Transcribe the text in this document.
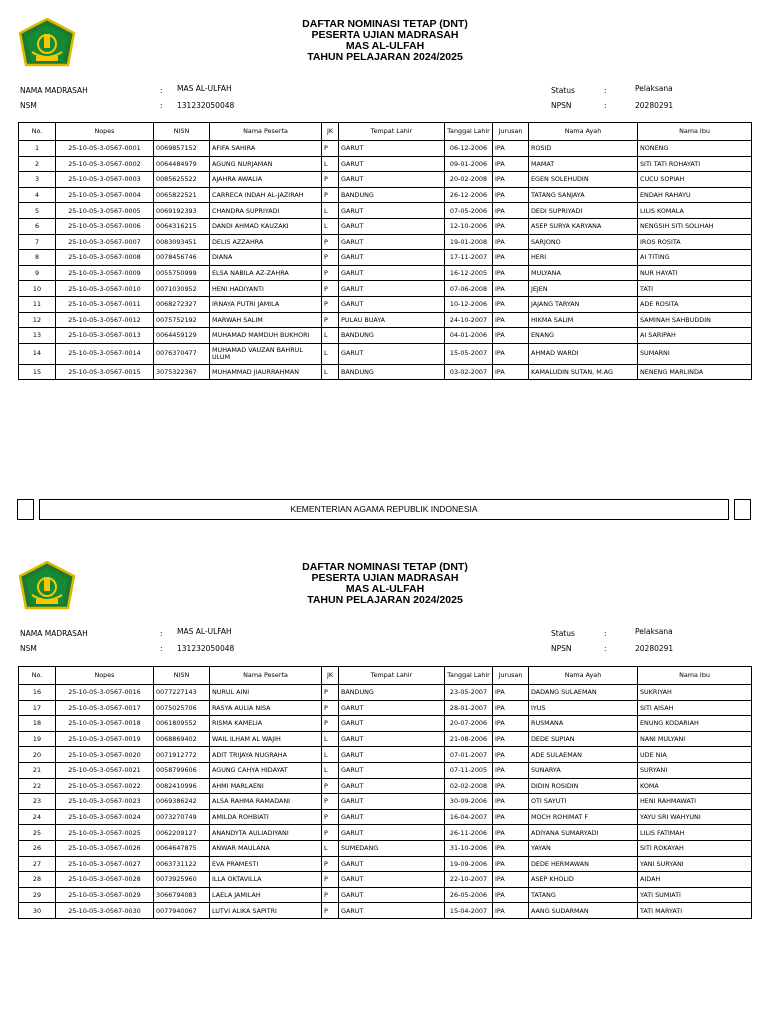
DAFTAR NOMINASI TETAP (DNT)
PESERTA UJIAN MADRASAH
MAS AL-ULFAH
TAHUN PELAJARAN 2024/2025
NAMA MADRASAH	: MAS AL-ULFAH
NSM	: 131232050048
Status	:	Pelaksana
NPSN	:	20280291
No.	Nopes	NISN	Nama Peserta	JK	Tempat Lahir	Tanggal Lahir	Jurusan	Nama Ayah	Nama Ibu
1	25-10-05-3-0567-0001	0069857152	AFIFA SAHIRA	P	GARUT	06-12-2006	IPA	ROSID	NONENG
2	25-10-05-3-0567-0002	0064484979	AGUNG NURJAMAN	L	GARUT	09-01-2006	IPA	MAMAT	SITI TATI ROHAYATI
3	25-10-05-3-0567-0003	0085625522	AJAHRA AWALIA	P	GARUT	20-02-2008	IPA	EGEN SOLEHUDIN	CUCU SOPIAH
4	25-10-05-3-0567-0004	0065822521	CARRECA INDAH AL-JAZIRAH	P	BANDUNG	26-12-2006	IPA	TATANG SANJAYA	ENDAH RAHAYU
5	25-10-05-3-0567-0005	0069192393	CHANDRA SUPRIYADI	L	GARUT	07-05-2006	IPA	DEDI SUPRIYADI	LILIS KOMALA
6	25-10-05-3-0567-0006	0064316215	DANDI AHMAD KAUZAKI	L	GARUT	12-10-2006	IPA	ASEP SURYA KARYANA	NENGSIH SITI SOLIHAH
7	25-10-05-3-0567-0007	0083093451	DELIS AZZAHRA	P	GARUT	19-01-2008	IPA	SARJONO	IROS ROSITA
8	25-10-05-3-0567-0008	0078456746	DIANA	P	GARUT	17-11-2007	IPA	HERI	AI TITING
9	25-10-05-3-0567-0009	0055750999	ELSA NABILA AZ-ZAHRA	P	GARUT	16-12-2005	IPA	MULYANA	NUR HAYATI
10	25-10-05-3-0567-0010	0071030952	HENI HADIYANTI	P	GARUT	07-06-2008	IPA	JEJEN	TATI
11	25-10-05-3-0567-0011	0068272327	IRNAYA PUTRI JAMILA	P	GARUT	10-12-2006	IPA	JAJANG TARYAN	ADE ROSITA
12	25-10-05-3-0567-0012	0075752192	MARWAH SALIM	P	PULAU BUAYA	24-10-2007	IPA	HIKMA SALIM	SAMINAH SAHBUDDIN
13	25-10-05-3-0567-0013	0064459129	MUHAMAD MAMDUH BUKHORI	L	BANDUNG	04-01-2006	IPA	ENANG	AI SARIPAH
14	25-10-05-3-0567-0014	0076370477	MUHAMAD VAUZAN BAHRUL ULUM	L	GARUT	15-05-2007	IPA	AHMAD WARDI	SUMARNI
15	25-10-05-3-0567-0015	3075322367	MUHAMMAD JIAURRAHMAN	L	BANDUNG	03-02-2007	IPA	KAMALUDIN SUTAN, M.AG	NENENG MARLINDA
KEMENTERIAN AGAMA REPUBLIK INDONESIA
DAFTAR NOMINASI TETAP (DNT)
PESERTA UJIAN MADRASAH
MAS AL-ULFAH
TAHUN PELAJARAN 2024/2025
NAMA MADRASAH	: MAS AL-ULFAH
NSM	: 131232050048
Status	:	Pelaksana
NPSN	:	20280291
No.	Nopes	NISN	Nama Peserta	JK	Tempat Lahir	Tanggal Lahir	Jurusan	Nama Ayah	Nama Ibu
16	25-10-05-3-0567-0016	0077227143	NURUL AINI	P	BANDUNG	23-05-2007	IPA	DADANG SULAEMAN	SUKRIYAH
17	25-10-05-3-0567-0017	0075025706	RASYA AULIA NISA	P	GARUT	28-01-2007	IPA	IYUS	SITI AISAH
18	25-10-05-3-0567-0018	0061809552	RISMA KAMELIA	P	GARUT	20-07-2006	IPA	RUSMANA	ENUNG KODARIAH
19	25-10-05-3-0567-0019	0068869402	WAIL ILHAM AL WAJIH	L	GARUT	21-08-2006	IPA	DEDE SUPIAN	NANI MULYANI
20	25-10-05-3-0567-0020	0071912772	ADIT TRIJAYA NUGRAHA	L	GARUT	07-01-2007	IPA	ADE SULAEMAN	UDE NIA
21	25-10-05-3-0567-0021	0058799606	AGUNG CAHYA HIDAYAT	L	GARUT	07-11-2005	IPA	SUNARYA	SURYANI
22	25-10-05-3-0567-0022	0082410996	AHMI MARLAENI	P	GARUT	02-02-2008	IPA	DIDIN ROSIDIN	KOMA
23	25-10-05-3-0567-0023	0069386242	ALSA RAHMA RAMADANI	P	GARUT	30-09-2006	IPA	OTI SAYUTI	HENI RAHMAWATI
24	25-10-05-3-0567-0024	0073270749	AMILDA ROHBIATI	P	GARUT	16-04-2007	IPA	MOCH ROHIMAT F	YAYU SRI WAHYUNI
25	25-10-05-3-0567-0025	0062209127	ANANDYTA AULIADIYANI	P	GARUT	26-11-2006	IPA	ADIYANA SUMARYADI	LILIS FATIMAH
26	25-10-05-3-0567-0026	0064647875	ANWAR MAULANA	L	SUMEDANG	31-10-2006	IPA	YAYAN	SITI ROKAYAH
27	25-10-05-3-0567-0027	0063731122	EVA PRAMESTI	P	GARUT	19-09-2006	IPA	DEDE HERMAWAN	YANI SURYANI
28	25-10-05-3-0567-0028	0073925960	ILLA OKTAVILLA	P	GARUT	22-10-2007	IPA	ASEP KHOLID	AIDAH
29	25-10-05-3-0567-0029	3066794083	LAELA JAMILAH	P	GARUT	26-05-2006	IPA	TATANG	YATI SUMIATI
30	25-10-05-3-0567-0030	0077940067	LUTVI ALIKA SAPITRI	P	GARUT	15-04-2007	IPA	AANG SUDARMAN	TATI MARYATI
